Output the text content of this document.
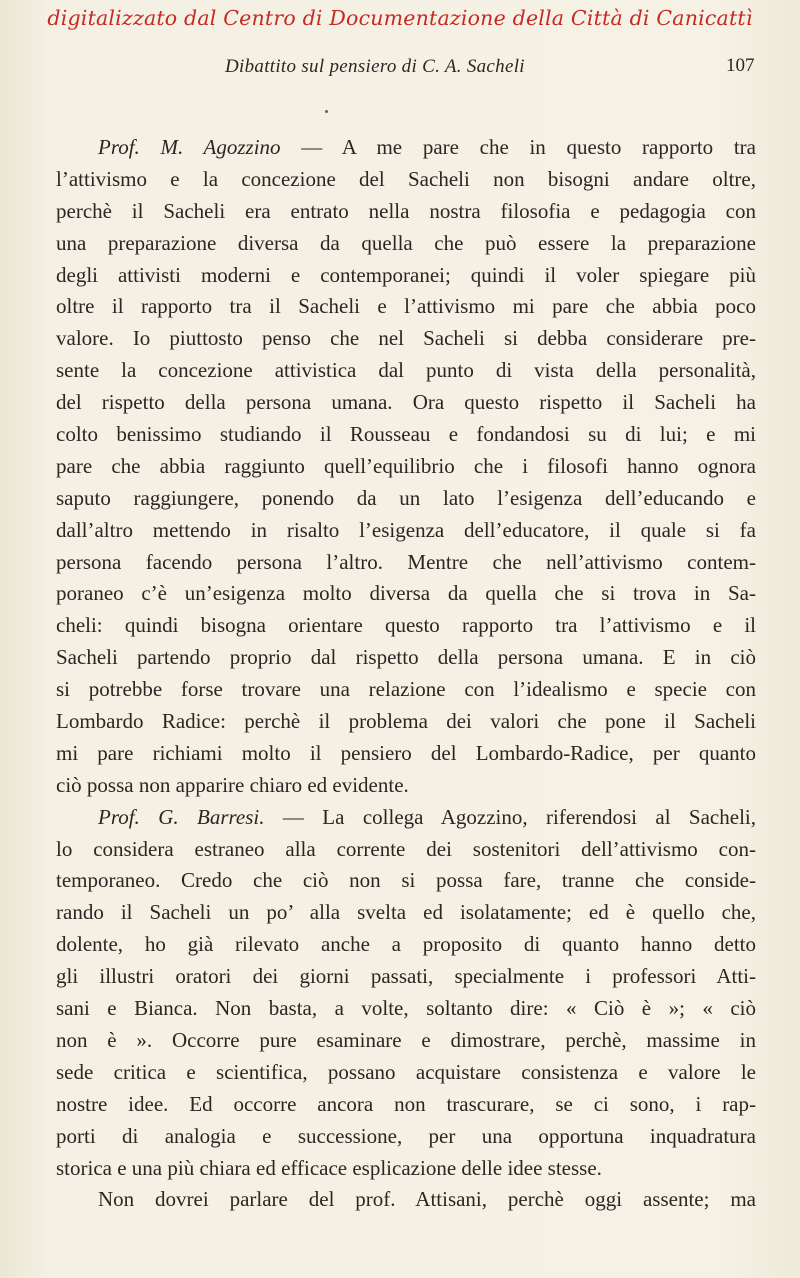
digitalizzato dal Centro di Documentazione della Città di Canicattì
Dibattito sul pensiero di C. A. Sacheli	107
Prof. M. Agozzino — A me pare che in questo rapporto tra
l’attivismo e la concezione del Sacheli non bisogni andare oltre,
perchè il Sacheli era entrato nella nostra filosofia e pedagogia con
una preparazione diversa da quella che può essere la preparazione
degli attivisti moderni e contemporanei; quindi il voler spiegare più
oltre il rapporto tra il Sacheli e l’attivismo mi pare che abbia poco
valore. Io piuttosto penso che nel Sacheli si debba considerare pre-
sente la concezione attivistica dal punto di vista della personalità,
del rispetto della persona umana. Ora questo rispetto il Sacheli ha
colto benissimo studiando il Rousseau e fondandosi su di lui; e mi
pare che abbia raggiunto quell’equilibrio che i filosofi hanno ognora
saputo raggiungere, ponendo da un lato l’esigenza dell’educando e
dall’altro mettendo in risalto l’esigenza dell’educatore, il quale si fa
persona facendo persona l’altro. Mentre che nell’attivismo contem-
poraneo c’è un’esigenza molto diversa da quella che si trova in Sa-
cheli: quindi bisogna orientare questo rapporto tra l’attivismo e il
Sacheli partendo proprio dal rispetto della persona umana. E in ciò
si potrebbe forse trovare una relazione con l’idealismo e specie con
Lombardo Radice: perchè il problema dei valori che pone il Sacheli
mi pare richiami molto il pensiero del Lombardo-Radice, per quanto
ciò possa non apparire chiaro ed evidente.
Prof. G. Barresi. — La collega Agozzino, riferendosi al Sacheli,
lo considera estraneo alla corrente dei sostenitori dell’attivismo con-
temporaneo. Credo che ciò non si possa fare, tranne che conside-
rando il Sacheli un po’ alla svelta ed isolatamente; ed è quello che,
dolente, ho già rilevato anche a proposito di quanto hanno detto
gli illustri oratori dei giorni passati, specialmente i professori Atti-
sani e Bianca. Non basta, a volte, soltanto dire: « Ciò è »; « ciò
non è ». Occorre pure esaminare e dimostrare, perchè, massime in
sede critica e scientifica, possano acquistare consistenza e valore le
nostre idee. Ed occorre ancora non trascurare, se ci sono, i rap-
porti di analogia e successione, per una opportuna inquadratura
storica e una più chiara ed efficace esplicazione delle idee stesse.
Non dovrei parlare del prof. Attisani, perchè oggi assente; ma
